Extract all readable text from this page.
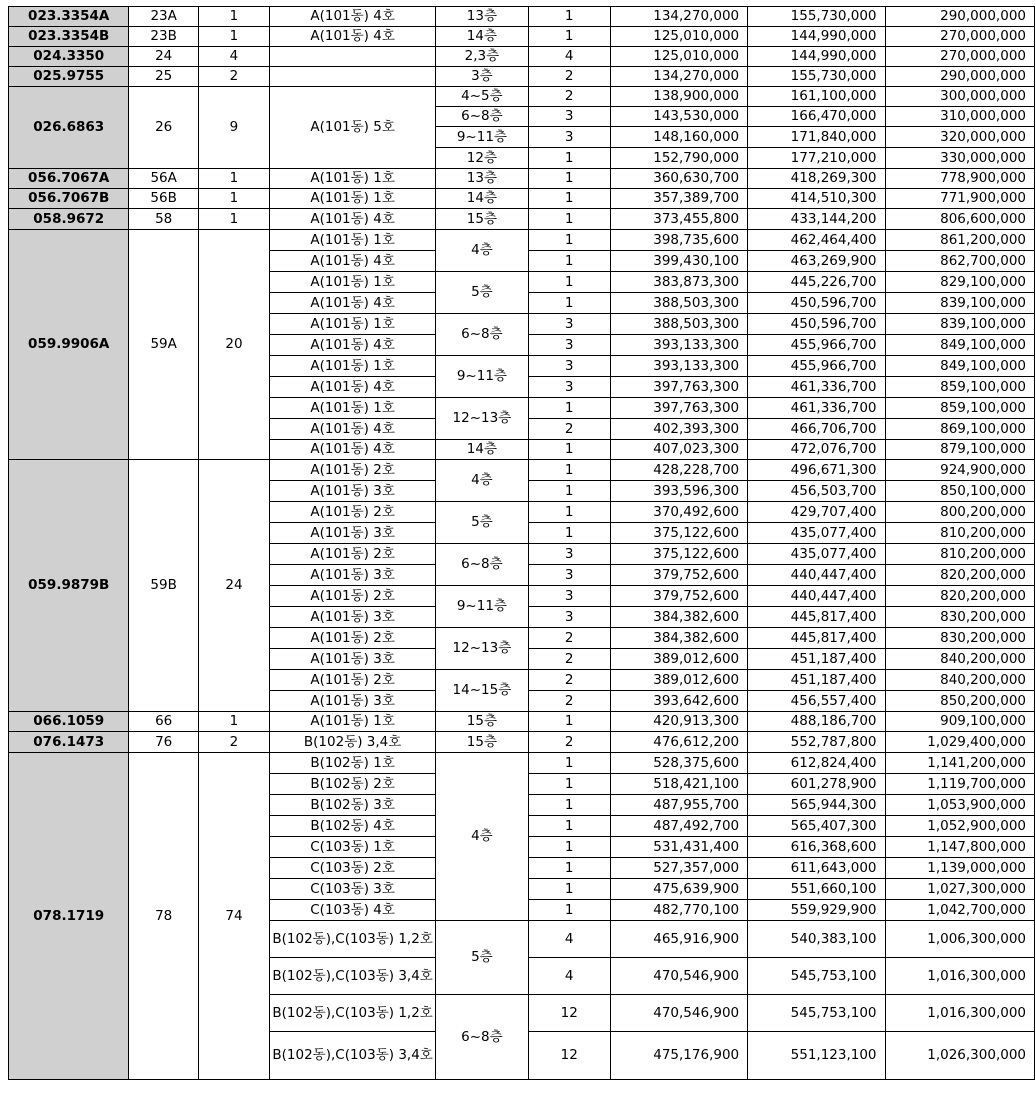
023.3354A	23A	1	A(101동) 4호	13층	1	134,270,000	155,730,000	290,000,000
023.3354B	23B	1	A(101동) 4호	14층	1	125,010,000	144,990,000	270,000,000
024.3350	24	4		2,3층	4	125,010,000	144,990,000	270,000,000
025.9755	25	2		3층	2	134,270,000	155,730,000	290,000,000
026.6863	26	9	A(101동) 5호	4~5층	2	138,900,000	161,100,000	300,000,000
				6~8층	3	143,530,000	166,470,000	310,000,000
				9~11층	3	148,160,000	171,840,000	320,000,000
				12층	1	152,790,000	177,210,000	330,000,000
056.7067A	56A	1	A(101동) 1호	13층	1	360,630,700	418,269,300	778,900,000
056.7067B	56B	1	A(101동) 1호	14층	1	357,389,700	414,510,300	771,900,000
058.9672	58	1	A(101동) 4호	15층	1	373,455,800	433,144,200	806,600,000
059.9906A	59A	20	A(101동) 1호	4층	1	398,735,600	462,464,400	861,200,000
			A(101동) 4호		1	399,430,100	463,269,900	862,700,000
			A(101동) 1호	5층	1	383,873,300	445,226,700	829,100,000
			A(101동) 4호		1	388,503,300	450,596,700	839,100,000
			A(101동) 1호	6~8층	3	388,503,300	450,596,700	839,100,000
			A(101동) 4호		3	393,133,300	455,966,700	849,100,000
			A(101동) 1호	9~11층	3	393,133,300	455,966,700	849,100,000
			A(101동) 4호		3	397,763,300	461,336,700	859,100,000
			A(101동) 1호	12~13층	1	397,763,300	461,336,700	859,100,000
			A(101동) 4호		2	402,393,300	466,706,700	869,100,000
			A(101동) 4호	14층	1	407,023,300	472,076,700	879,100,000
059.9879B	59B	24	A(101동) 2호	4층	1	428,228,700	496,671,300	924,900,000
			A(101동) 3호		1	393,596,300	456,503,700	850,100,000
			A(101동) 2호	5층	1	370,492,600	429,707,400	800,200,000
			A(101동) 3호		1	375,122,600	435,077,400	810,200,000
			A(101동) 2호	6~8층	3	375,122,600	435,077,400	810,200,000
			A(101동) 3호		3	379,752,600	440,447,400	820,200,000
			A(101동) 2호	9~11층	3	379,752,600	440,447,400	820,200,000
			A(101동) 3호		3	384,382,600	445,817,400	830,200,000
			A(101동) 2호	12~13층	2	384,382,600	445,817,400	830,200,000
			A(101동) 3호		2	389,012,600	451,187,400	840,200,000
			A(101동) 2호	14~15층	2	389,012,600	451,187,400	840,200,000
			A(101동) 3호		2	393,642,600	456,557,400	850,200,000
066.1059	66	1	A(101동) 1호	15층	1	420,913,300	488,186,700	909,100,000
076.1473	76	2	B(102동) 3,4호	15층	2	476,612,200	552,787,800	1,029,400,000
078.1719	78	74	B(102동) 1호	4층	1	528,375,600	612,824,400	1,141,200,000
			B(102동) 2호		1	518,421,100	601,278,900	1,119,700,000
			B(102동) 3호		1	487,955,700	565,944,300	1,053,900,000
			B(102동) 4호		1	487,492,700	565,407,300	1,052,900,000
			C(103동) 1호		1	531,431,400	616,368,600	1,147,800,000
			C(103동) 2호		1	527,357,000	611,643,000	1,139,000,000
			C(103동) 3호		1	475,639,900	551,660,100	1,027,300,000
			C(103동) 4호		1	482,770,100	559,929,900	1,042,700,000
			B(102동),C(103동) 1,2호	5층	4	465,916,900	540,383,100	1,006,300,000
			B(102동),C(103동) 3,4호		4	470,546,900	545,753,100	1,016,300,000
			B(102동),C(103동) 1,2호	6~8층	12	470,546,900	545,753,100	1,016,300,000
			B(102동),C(103동) 3,4호		12	475,176,900	551,123,100	1,026,300,000
